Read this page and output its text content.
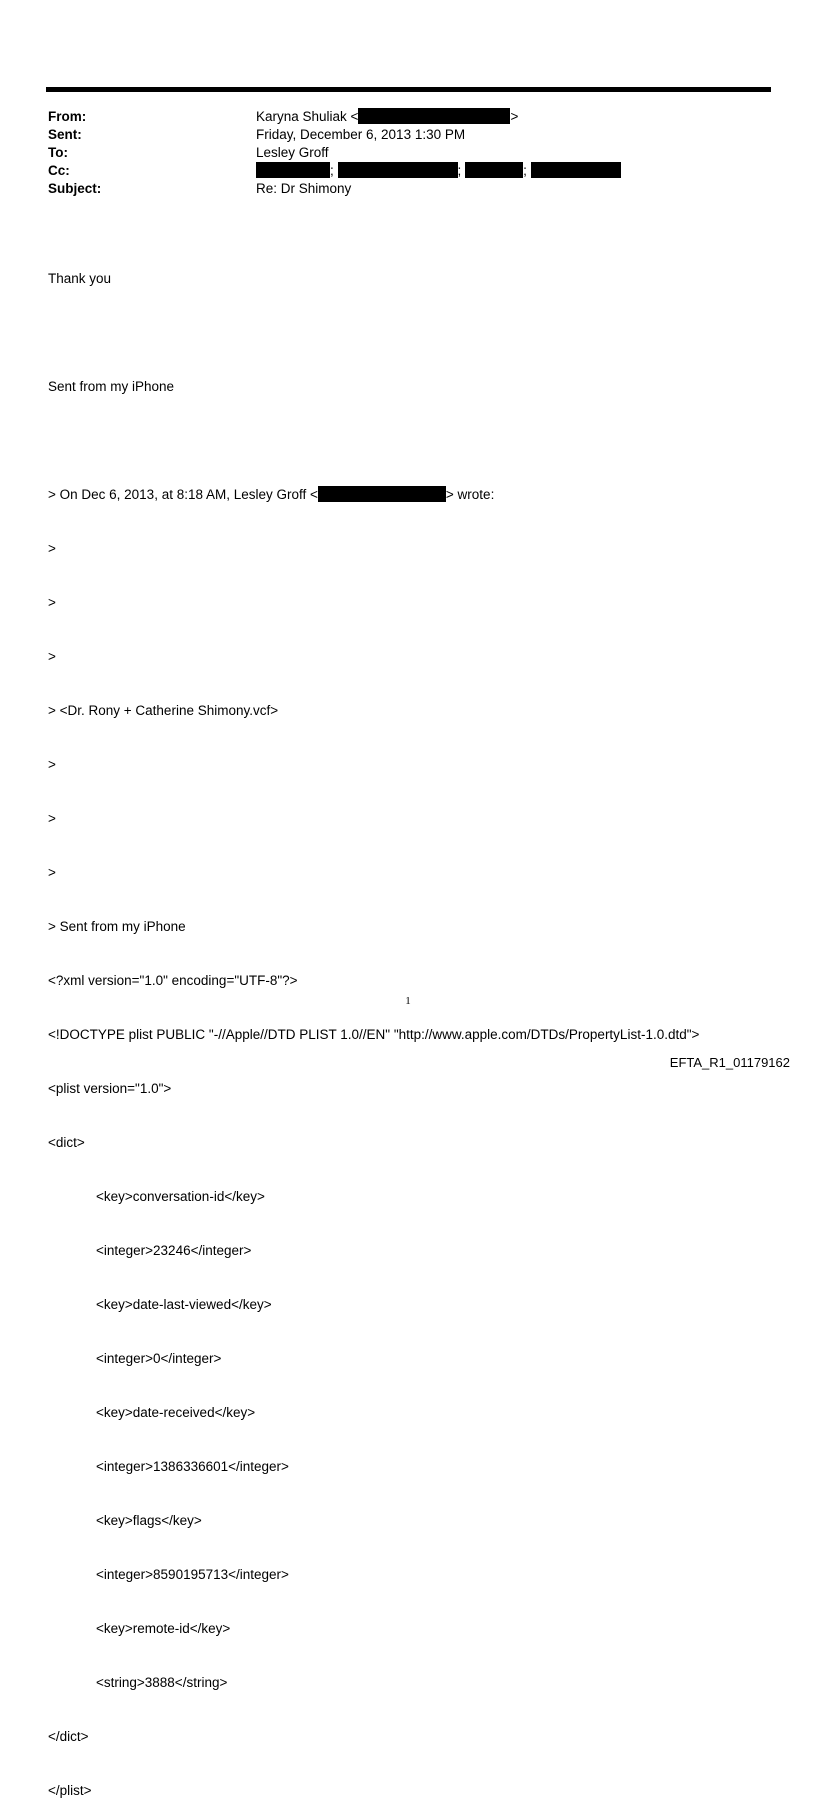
From:	Karyna Shuliak <	>
Sent:	Friday, December 6, 2013 1:30 PM
To:	Lesley Groff
Cc:	;	;	;
Subject:	Re: Dr Shimony

Thank you

Sent from my iPhone

> On Dec 6, 2013, at 8:18 AM, Lesley Groff <	> wrote:

>

>

>

> <Dr. Rony + Catherine Shimony.vcf>

>

>

>

> Sent from my iPhone

<?xml version="1.0" encoding="UTF-8"?>

<!DOCTYPE plist PUBLIC "-//Apple//DTD PLIST 1.0//EN" "http://www.apple.com/DTDs/PropertyList-1.0.dtd">

<plist version="1.0">

<dict>

<key>conversation-id</key>

<integer>23246</integer>

<key>date-last-viewed</key>

<integer>0</integer>

<key>date-received</key>

<integer>1386336601</integer>

<key>flags</key>

<integer>8590195713</integer>

<key>remote-id</key>

<string>3888</string>

</dict>

</plist>

1
EFTA_R1_01179162
